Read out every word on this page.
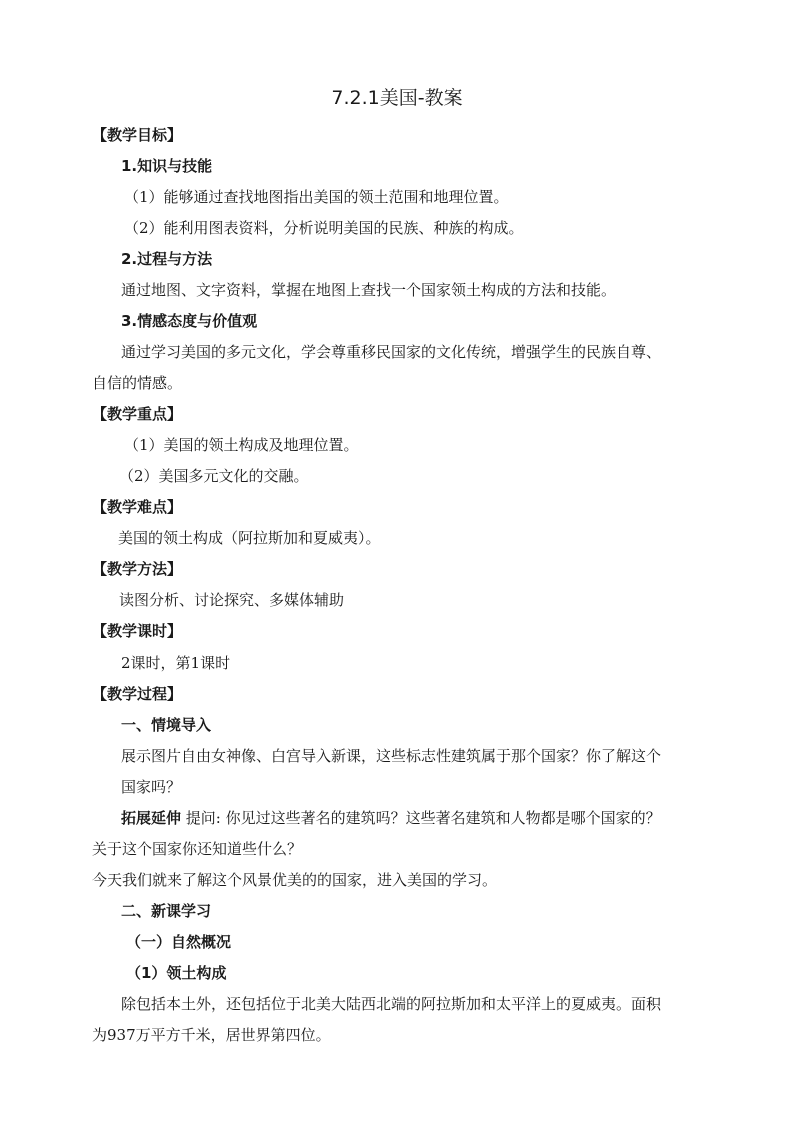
7.2.1美国-教案
【教学目标】
1.知识与技能
（1）能够通过查找地图指出美国的领土范围和地理位置。
（2）能利用图表资料，分析说明美国的民族、种族的构成。
2.过程与方法
通过地图、文字资料，掌握在地图上查找一个国家领土构成的方法和技能。
3.情感态度与价值观
通过学习美国的多元文化，学会尊重移民国家的文化传统，增强学生的民族自尊、
自信的情感。
【教学重点】
（1）美国的领土构成及地理位置。
（2）美国多元文化的交融。
【教学难点】
美国的领土构成（阿拉斯加和夏威夷）。
【教学方法】
读图分析、讨论探究、多媒体辅助
【教学课时】
2课时，第1课时
【教学过程】
一、情境导入
展示图片自由女神像、白宫导入新课，这些标志性建筑属于那个国家？你了解这个
国家吗？
拓展延伸 提问: 你见过这些著名的建筑吗？这些著名建筑和人物都是哪个国家的？
关于这个国家你还知道些什么？
今天我们就来了解这个风景优美的的国家，进入美国的学习。
二、新课学习
（一）自然概况
（1）领土构成
除包括本土外，还包括位于北美大陆西北端的阿拉斯加和太平洋上的夏威夷。面积
为937万平方千米，居世界第四位。
